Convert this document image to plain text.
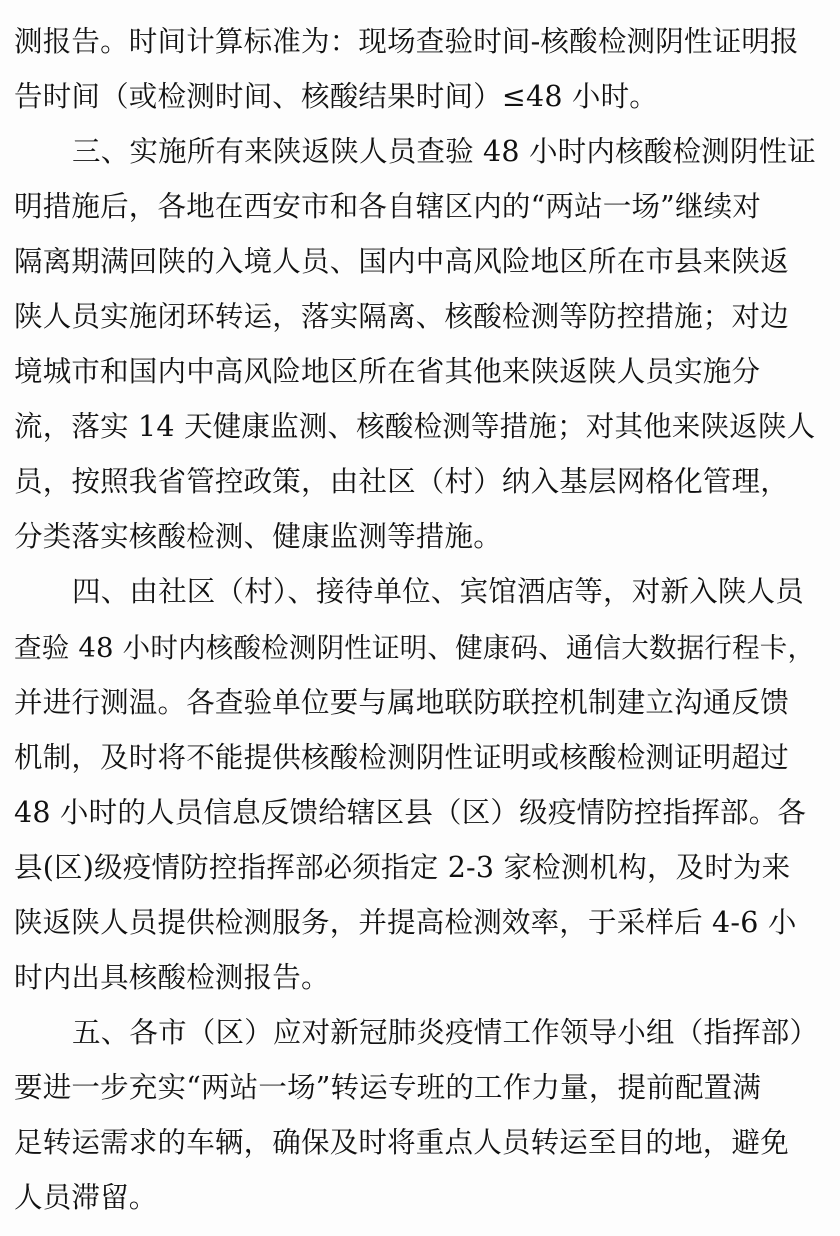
测报告。时间计算标准为：现场查验时间-核酸检测阴性证明报
告时间（或检测时间、核酸结果时间）≤48 小时。
三、实施所有来陕返陕人员查验 48 小时内核酸检测阴性证
明措施后，各地在西安市和各自辖区内的“两站一场”继续对
隔离期满回陕的入境人员、国内中高风险地区所在市县来陕返
陕人员实施闭环转运，落实隔离、核酸检测等防控措施；对边
境城市和国内中高风险地区所在省其他来陕返陕人员实施分
流，落实 14 天健康监测、核酸检测等措施；对其他来陕返陕人
员，按照我省管控政策，由社区（村）纳入基层网格化管理，
分类落实核酸检测、健康监测等措施。
四、由社区（村）、接待单位、宾馆酒店等，对新入陕人员
查验 48 小时内核酸检测阴性证明、健康码、通信大数据行程卡，
并进行测温。各查验单位要与属地联防联控机制建立沟通反馈
机制，及时将不能提供核酸检测阴性证明或核酸检测证明超过
48 小时的人员信息反馈给辖区县（区）级疫情防控指挥部。各
县(区)级疫情防控指挥部必须指定 2-3 家检测机构，及时为来
陕返陕人员提供检测服务，并提高检测效率，于采样后 4-6 小
时内出具核酸检测报告。
五、各市（区）应对新冠肺炎疫情工作领导小组（指挥部）
要进一步充实“两站一场”转运专班的工作力量，提前配置满
足转运需求的车辆，确保及时将重点人员转运至目的地，避免
人员滞留。
